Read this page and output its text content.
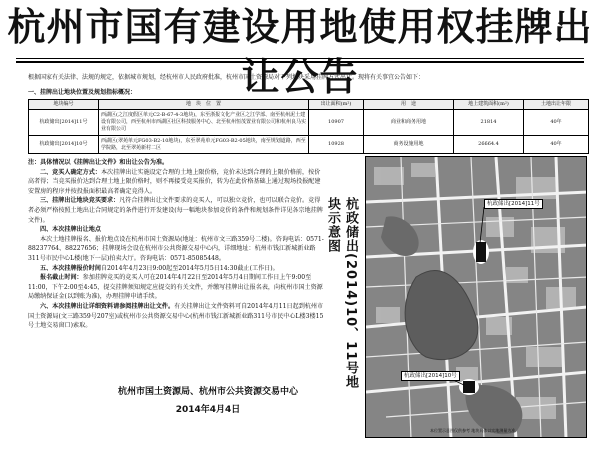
杭州市国有建设用地使用权挂牌出让公告
根据国家有关法律、法规的规定，依据城市规划，经杭州市人民政府批准，杭州市国土资源局对下列地块采用挂牌方式出让。现将有关事宜公告如下：
一、挂牌出让地块位置及规划指标概况：
地块编号	地　块　位　置	出让面积(m²)	用　途	地上建筑面积(m²)	土地出让年限
杭政储出[2014]11号	西湖区(之江度假区单元C2-B-67-4-3地块)，东至浙报文化产业区之江学部、南至杭州泥土建设有限公司，西至杭州市西湖区社区科技服务中心、北至杭州恒茂置业有限公司和杭州良马实业有限公司	10907	商业和商务用地	21814	40年
杭政储出[2014]10号	西湖区(翠苑单元FG03-B2-10地块)，东至翠苑单元FG03-B2-05地块，南至规划道路，西至学院路，北至翠苑新村二区	10928	商务设施用地	26664.4	40年

注：具体情况以《挂牌出让文件》和出让公告为准。

二、竞买人确定方式：本次挂牌出让实施设定合理的土地上限价格，竞价未达到合理的上限价格前，按价高者得；当竞买报价达到合理土地上限价格时，则不再接受竞买报价，转为在此价格基础上通过现场投报配建安置房的程序并按投报面积最高者确定竞得人。

三、挂牌出让地块竞买要求：凡符合挂牌出让文件要求的竞买人，可以独立竞价，也可以联合竞价。竞得者必须严格按照土地出让合同规定的条件进行开发建设(每一幅地块参加竞价的条件和规划条件详见各宗地挂牌文件)。

四、本次挂牌出让地点

本次土地挂牌报名、报价地点设在杭州市国土资源局(地址：杭州市文三路359号二楼)。咨询电话：0571-88237764、88227656；挂牌现场会设在杭州市公共资源交易中心内，详细地址：杭州市钱江新城新业路311号市民中心L楼(地下一层)拍卖大厅。咨询电话：0571-85085448。

五、本次挂牌报价时间自2014年4月23日9:00起至2014年5月5日14:30截止(工作日)。

报名截止时间：参加挂牌竞买的竞买人可在2014年4月22日至2014年5月4日期间工作日上午9:00至11:00，下午2:00至4:45，提交挂牌须知规定应提交的有关文件，并缴写挂牌出让报名表，向杭州市国土资源局缴纳保证金(以到账为准)，办理挂牌申请手续。

六、本次挂牌出让详细资料请参阅挂牌出让文件。有关挂牌出让文件资料可自2014年4月11日起到杭州市国土资源局(文三路359号207室)或杭州市公共资源交易中心(杭州市钱江新城新业路311号市民中心L楼3楼15号土地交易窗口)索取。

杭州市国土资源局、杭州市公共资源交易中心
2014年4月4日
杭政储出(2014)10、11号地块示意图	杭政储出[2014]11号
杭政储出[2014]10号
本位置示意图仅供参考 地块具体以实地测量为准
